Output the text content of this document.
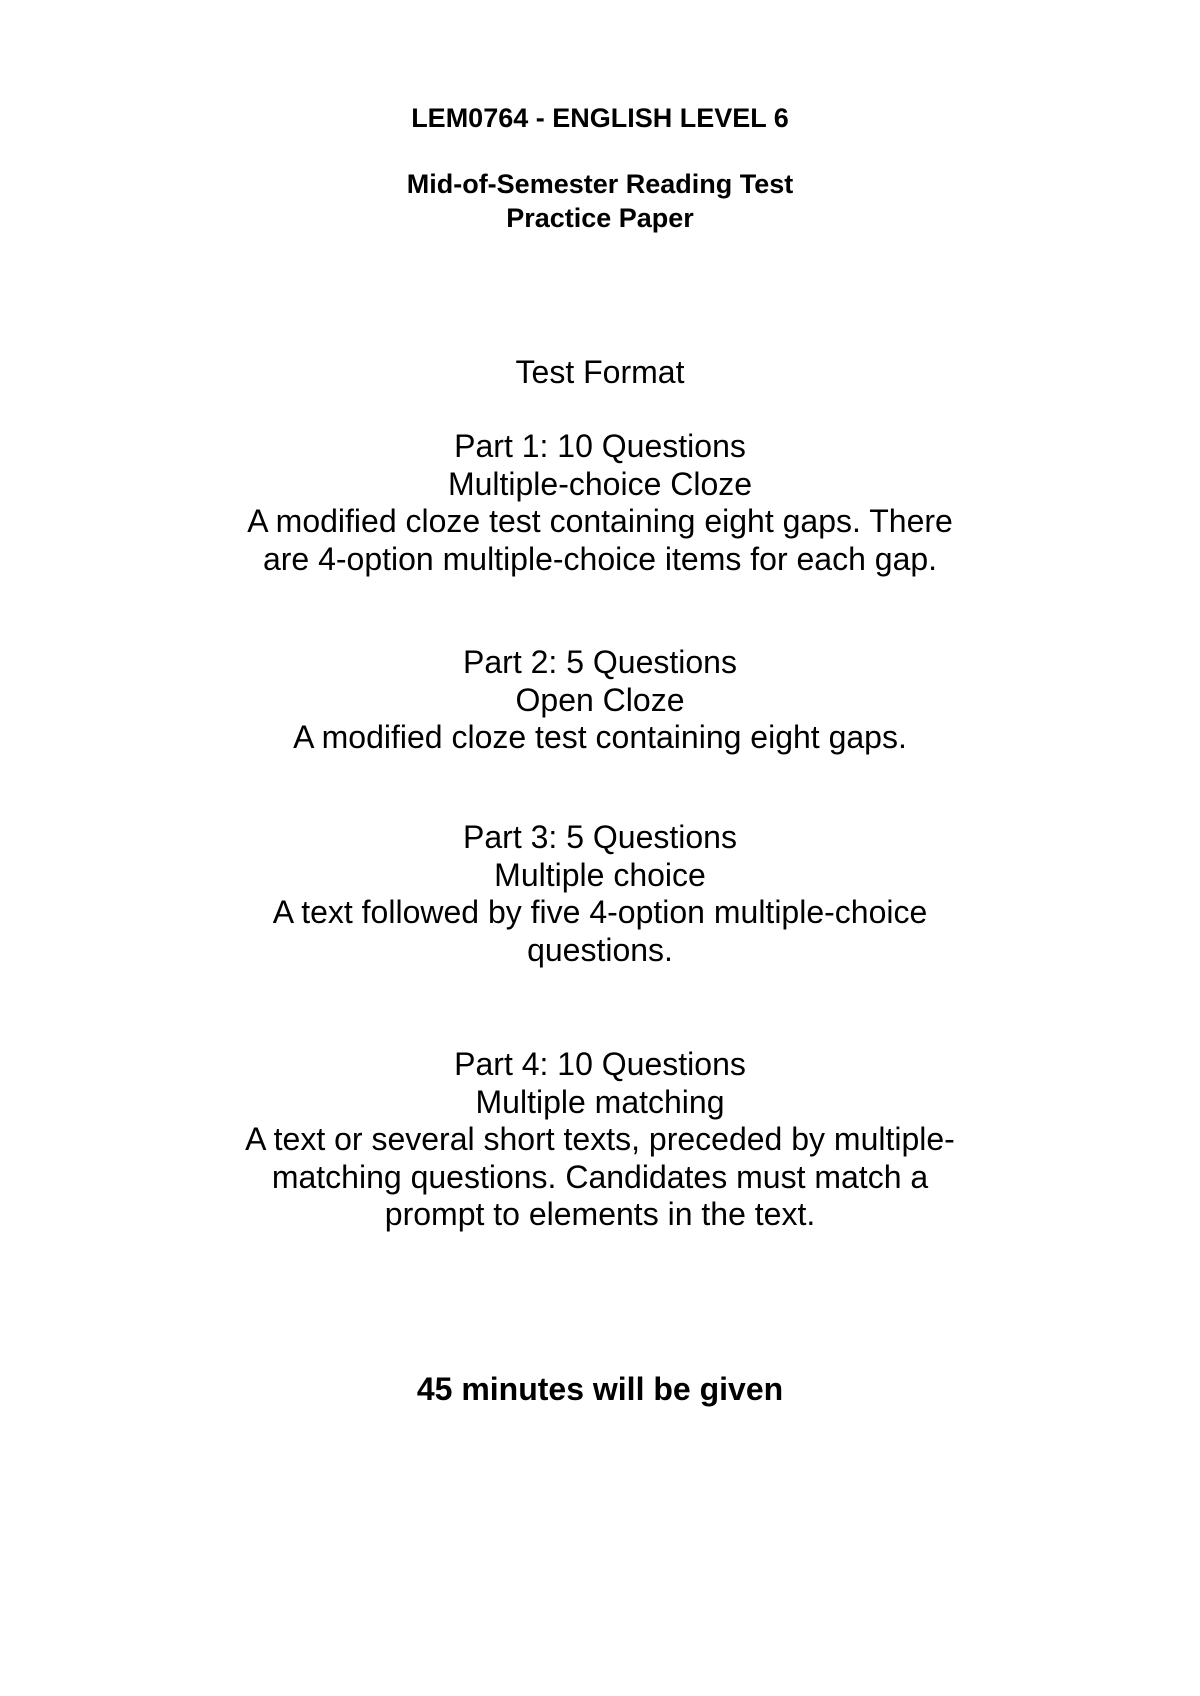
LEM0764 - ENGLISH LEVEL 6
Mid-of-Semester Reading Test
Practice Paper
Test Format
Part 1: 10 Questions
Multiple-choice Cloze
A modified cloze test containing eight gaps. There
are 4-option multiple-choice items for each gap.
Part 2: 5 Questions
Open Cloze
A modified cloze test containing eight gaps.
Part 3: 5 Questions
Multiple choice
A text followed by five 4-option multiple-choice
questions.
Part 4: 10 Questions
Multiple matching
A text or several short texts, preceded by multiple-
matching questions. Candidates must match a
prompt to elements in the text.
45 minutes will be given
